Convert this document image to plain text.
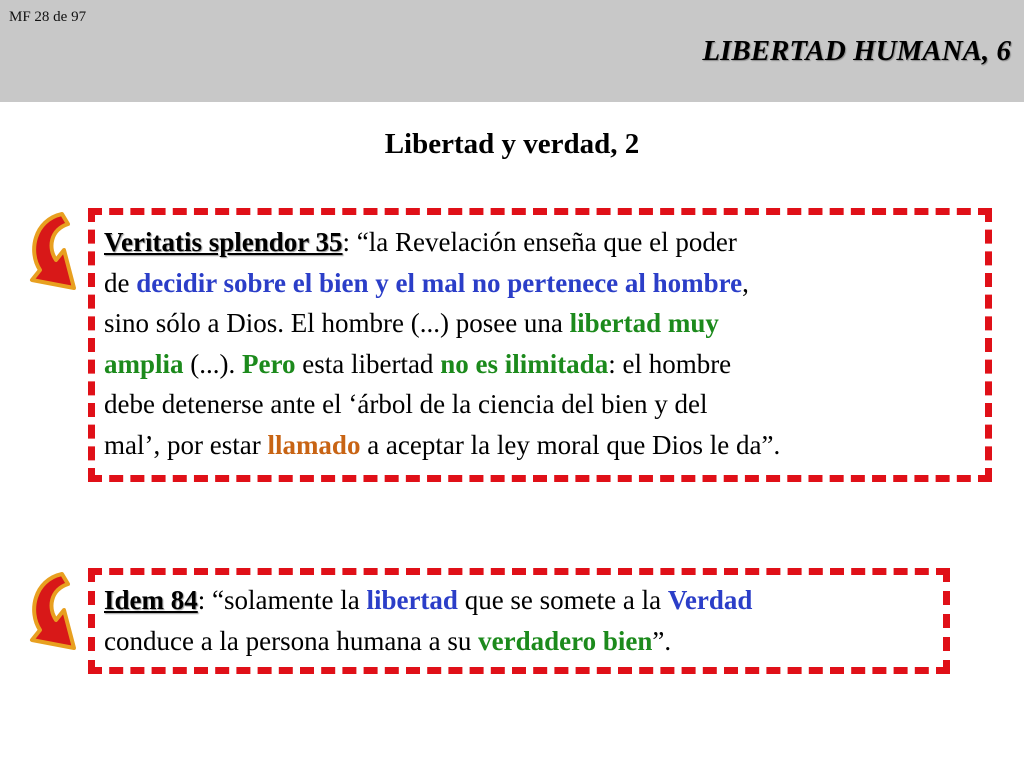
MF 28 de 97
LIBERTAD HUMANA, 6
Libertad y verdad, 2
Veritatis splendor 35: “la Revelación enseña que el poder
de decidir sobre el bien y el mal no pertenece al hombre,
sino sólo a Dios. El hombre (...) posee una libertad muy
amplia (...). Pero esta libertad no es ilimitada: el hombre
debe detenerse ante el ‘árbol de la ciencia del bien y del
mal’, por estar llamado a aceptar la ley moral que Dios le da”.
Idem 84: “solamente la libertad que se somete a la Verdad
conduce a la persona humana a su verdadero bien”.
